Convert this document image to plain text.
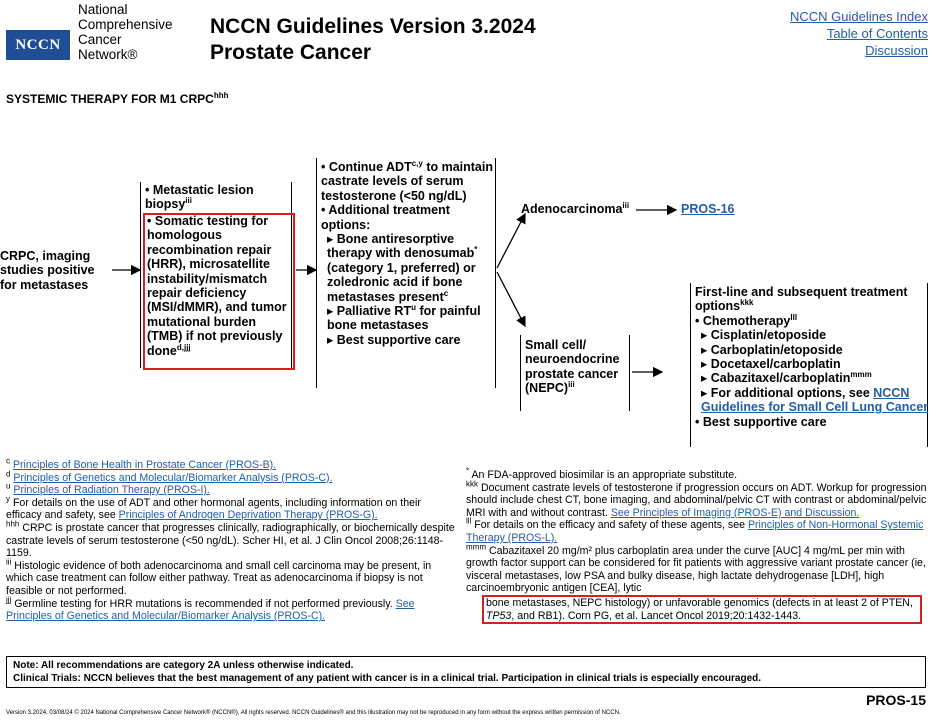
NCCN
National
Comprehensive
Cancer
Network®
NCCN Guidelines Version 3.2024
Prostate Cancer
NCCN Guidelines Index
Table of Contents
Discussion
SYSTEMIC THERAPY FOR M1 $CRPC^{hhh}$
CRPC, imaging
studies positive
for metastases
• Metastatic lesion biopsy$^{iii}$
• Somatic testing for homologous recombination repair (HRR), microsatellite instability/mismatch repair deficiency (MSI/dMMR), and tumor mutational burden (TMB) if not previously done$^{d,jjj}$
• Continue ADT$^{c,y}$ to maintain castrate levels of serum testosterone (<50 ng/dL)
• Additional treatment options:
▸ Bone antiresorptive therapy with denosumab* (category 1, preferred) or zoledronic acid if bone metastases present$^c$
▸ Palliative $RT^u$ for painful bone metastases
▸ Best supportive care
Adenocarcinoma$^{iii}$	PROS-16
Small cell/ neuroendocrine prostate cancer (NEPC)$^{iii}$
First-line and subsequent treatment options$^{kkk}$
• Chemotherapy$^{lll}$
▸ Cisplatin/etoposide
▸ Carboplatin/etoposide
▸ Docetaxel/carboplatin
▸ Cabazitaxel/carboplatin$^{mmm}$
▸ For additional options, see NCCN Guidelines for Small Cell Lung Cancer
• Best supportive care
$^c$ Principles of Bone Health in Prostate Cancer (PROS-B).
$^d$ Principles of Genetics and Molecular/Biomarker Analysis (PROS-C).
$^u$ Principles of Radiation Therapy (PROS-I).
$^y$ For details on the use of ADT and other hormonal agents, including information on their efficacy and safety, see Principles of Androgen Deprivation Therapy (PROS-G).
$^{hhh}$ CRPC is prostate cancer that progresses clinically, radiographically, or biochemically despite castrate levels of serum testosterone (<50 ng/dL). Scher HI, et al. J Clin Oncol 2008;26:1148-1159.
$^{iii}$ Histologic evidence of both adenocarcinoma and small cell carcinoma may be present, in which case treatment can follow either pathway. Treat as adenocarcinoma if biopsy is not feasible or not performed.
$^{jjj}$ Germline testing for HRR mutations is recommended if not performed previously. See Principles of Genetics and Molecular/Biomarker Analysis (PROS-C).
* An FDA-approved biosimilar is an appropriate substitute.
$^{kkk}$ Document castrate levels of testosterone if progression occurs on ADT. Workup for progression should include chest CT, bone imaging, and abdominal/pelvic CT with contrast or abdominal/pelvic MRI with and without contrast. See Principles of Imaging (PROS-E) and Discussion.
$^{lll}$ For details on the efficacy and safety of these agents, see Principles of Non-Hormonal Systemic Therapy (PROS-L).
$^{mmm}$ Cabazitaxel 20 mg/m² plus carboplatin area under the curve [AUC] 4 mg/mL per min with growth factor support can be considered for fit patients with aggressive variant prostate cancer (ie, visceral metastases, low PSA and bulky disease, high lactate dehydrogenase [LDH], high carcinoembryonic antigen [CEA], lytic
bone metastases, NEPC histology) or unfavorable genomics (defects in at least 2 of PTEN, TP53, and RB1). Corn PG, et al. Lancet Oncol 2019;20:1432-1443.
Note: All recommendations are category 2A unless otherwise indicated.
Clinical Trials: NCCN believes that the best management of any patient with cancer is in a clinical trial. Participation in clinical trials is especially encouraged.
PROS-15
Version 3.2024, 03/08/24 © 2024 National Comprehensive Cancer Network® (NCCN®), All rights reserved. NCCN Guidelines® and this illustration may not be reproduced in any form without the express written permission of NCCN.
